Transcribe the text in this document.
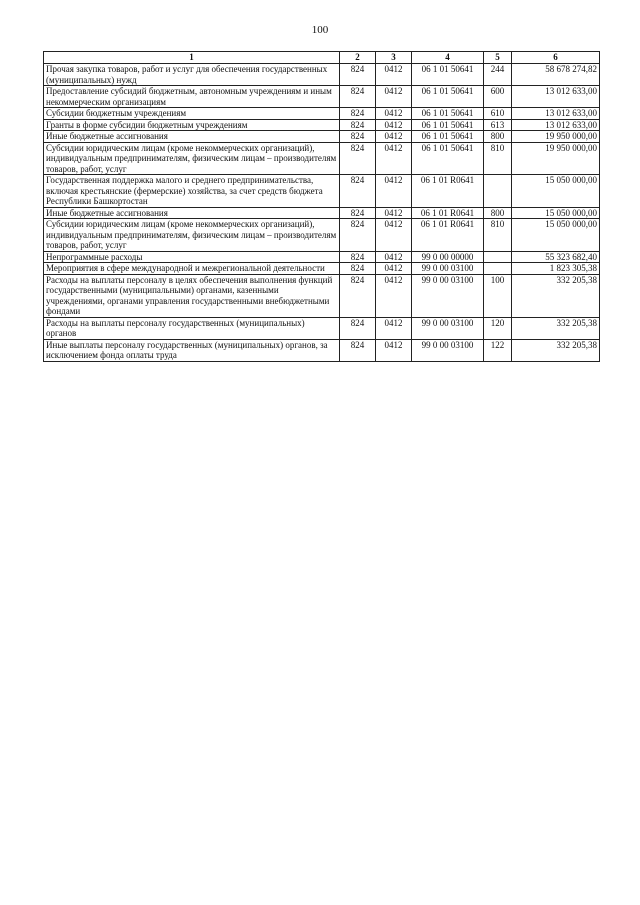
100
1	2	3	4	5	6
Прочая закупка товаров, работ и услуг для обеспечения государственных (муниципальных) нужд	824	0412	06 1 01 50641	244	58 678 274,82
Предоставление субсидий бюджетным, автономным учреждениям и иным некоммерческим организациям	824	0412	06 1 01 50641	600	13 012 633,00
Субсидии бюджетным учреждениям	824	0412	06 1 01 50641	610	13 012 633,00
Гранты в форме субсидии бюджетным учреждениям	824	0412	06 1 01 50641	613	13 012 633,00
Иные бюджетные ассигнования	824	0412	06 1 01 50641	800	19 950 000,00
Субсидии юридическим лицам (кроме некоммерческих организаций), индивидуальным предпринимателям, физическим лицам – производителям товаров, работ, услуг	824	0412	06 1 01 50641	810	19 950 000,00
Государственная поддержка малого и среднего предпринимательства, включая крестьянские (фермерские) хозяйства, за счет средств бюджета Республики Башкортостан	824	0412	06 1 01 R0641		15 050 000,00
Иные бюджетные ассигнования	824	0412	06 1 01 R0641	800	15 050 000,00
Субсидии юридическим лицам (кроме некоммерческих организаций), индивидуальным предпринимателям, физическим лицам – производителям товаров, работ, услуг	824	0412	06 1 01 R0641	810	15 050 000,00
Непрограммные расходы	824	0412	99 0 00 00000		55 323 682,40
Мероприятия в сфере международной и межрегиональной деятельности	824	0412	99 0 00 03100		1 823 305,38
Расходы на выплаты персоналу в целях обеспечения выполнения функций государственными (муниципальными) органами, казенными учреждениями, органами управления государственными внебюджетными фондами	824	0412	99 0 00 03100	100	332 205,38
Расходы на выплаты персоналу государственных (муниципальных) органов	824	0412	99 0 00 03100	120	332 205,38
Иные выплаты персоналу государственных (муниципальных) органов, за исключением фонда оплаты труда	824	0412	99 0 00 03100	122	332 205,38
